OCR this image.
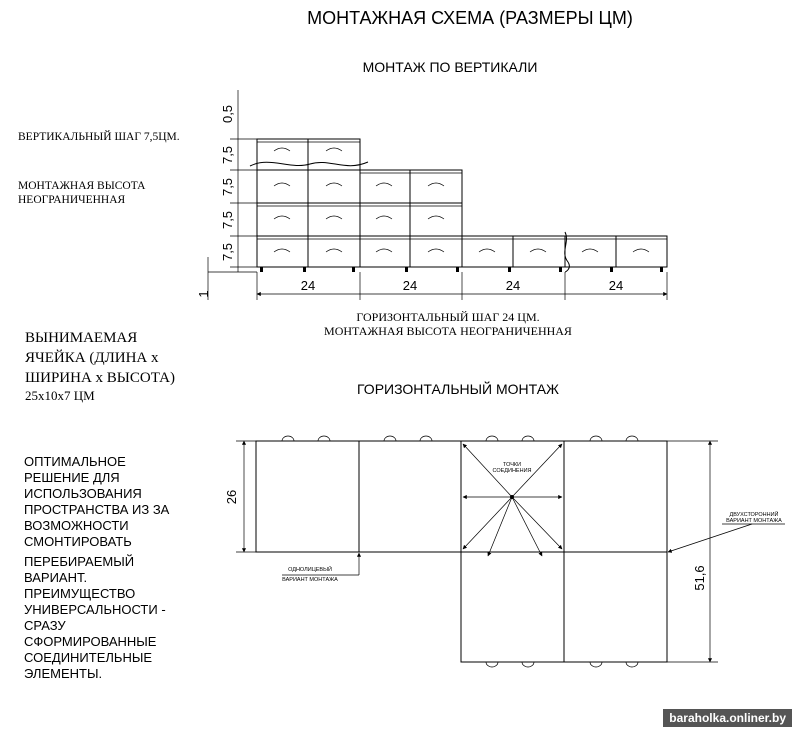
МОНТАЖНАЯ СХЕМА (РАЗМЕРЫ ЦМ)
МОНТАЖ ПО ВЕРТИКАЛИ
ВЕРТИКАЛЬНЫЙ ШАГ 7,5ЦМ.
МОНТАЖНАЯ ВЫСОТА
НЕОГРАНИЧЕННАЯ
0,5
7,5
7,5
7,5
7,5
1
24	24	24	24
ГОРИЗОНТАЛЬНЫЙ ШАГ 24 ЦМ.
МОНТАЖНАЯ ВЫСОТА НЕОГРАНИЧЕННАЯ
ВЫНИМАЕМАЯ
ЯЧЕЙКА (ДЛИНА х
ШИРИНА х ВЫСОТА)
25х10х7 ЦМ	ГОРИЗОНТАЛЬНЫЙ МОНТАЖ
ТОЧКИ
СОЕДИНЕНИЯ
26
51,6
ДВУХСТОРОННИЙ
ВАРИАНТ МОНТАЖА
ОДНОЛИЦЕВЫЙ
ВАРИАНТ МОНТАЖА
ОПТИМАЛЬНОЕ
РЕШЕНИЕ ДЛЯ
ИСПОЛЬЗОВАНИЯ
ПРОСТРАНСТВА ИЗ ЗА
ВОЗМОЖНОСТИ
СМОНТИРОВАТЬ
ПЕРЕБИРАЕМЫЙ
ВАРИАНТ.
ПРЕИМУЩЕСТВО
УНИВЕРСАЛЬНОСТИ -
СРАЗУ
СФОРМИРОВАННЫЕ
СОЕДИНИТЕЛЬНЫЕ
ЭЛЕМЕНТЫ.
baraholka.onliner.by
